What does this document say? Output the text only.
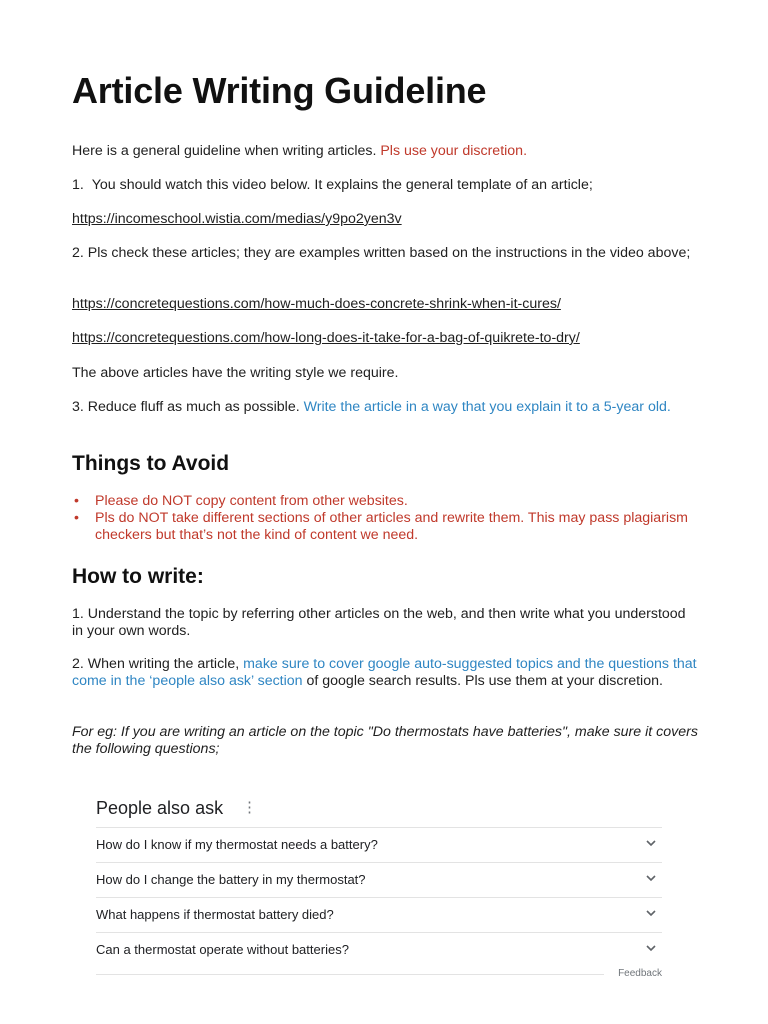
Article Writing Guideline

Here is a general guideline when writing articles. Pls use your discretion.

1.  You should watch this video below. It explains the general template of an article;

https://incomeschool.wistia.com/medias/y9po2yen3v

2. Pls check these articles; they are examples written based on the instructions in the video above;

https://concretequestions.com/how-much-does-concrete-shrink-when-it-cures/

https://concretequestions.com/how-long-does-it-take-for-a-bag-of-quikrete-to-dry/

The above articles have the writing style we require.

3. Reduce fluff as much as possible. Write the article in a way that you explain it to a 5-year old.

Things to Avoid
• Please do NOT copy content from other websites.
• Pls do NOT take different sections of other articles and rewrite them. This may pass plagiarism checkers but that’s not the kind of content we need.
How to write:

1. Understand the topic by referring other articles on the web, and then write what you understood in your own words.

2. When writing the article, make sure to cover google auto-suggested topics and the questions that come in the ‘people also ask’ section of google search results. Pls use them at your discretion.

For eg: If you are writing an article on the topic "Do thermostats have batteries", make sure it covers the following questions;

People also ask ⋮
How do I know if my thermostat needs a battery?
How do I change the battery in my thermostat?
What happens if thermostat battery died?
Can a thermostat operate without batteries?
Feedback
